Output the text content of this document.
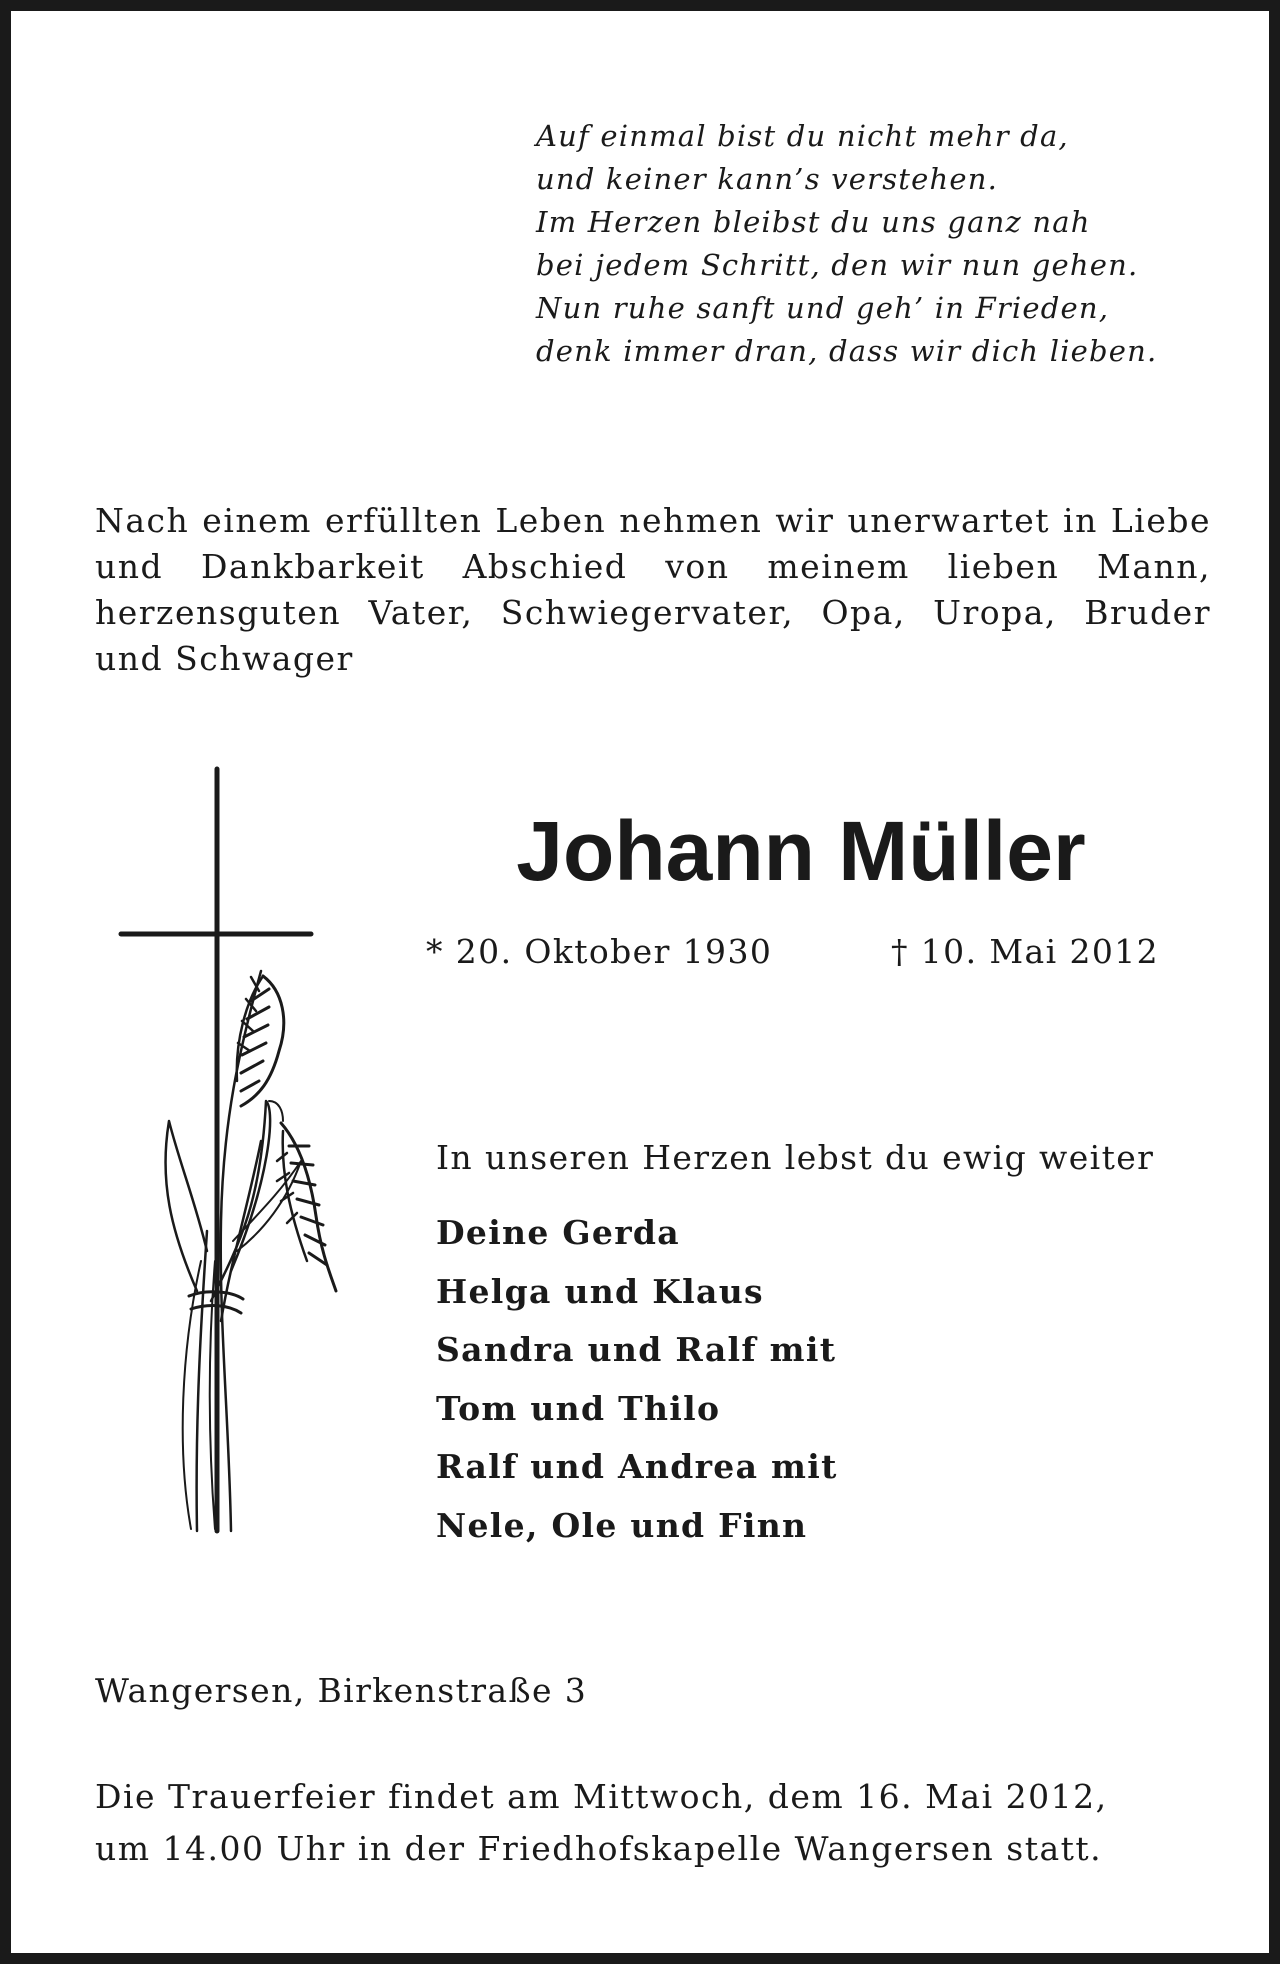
Auf einmal bist du nicht mehr da,
und keiner kann’s verstehen.
Im Herzen bleibst du uns ganz nah
bei jedem Schritt, den wir nun gehen.
Nun ruhe sanft und geh’ in Frieden,
denk immer dran, dass wir dich lieben.
Nach einem erfüllten Leben nehmen wir unerwartet in Liebe und Dankbarkeit Abschied von meinem lieben Mann, herzensguten Vater, Schwiegervater, Opa, Uropa, Bruder und Schwager
Johann Müller
* 20. Oktober 1930	† 10. Mai 2012
In unseren Herzen lebst du ewig weiter
Deine Gerda
Helga und Klaus
Sandra und Ralf mit
Tom und Thilo
Ralf und Andrea mit
Nele, Ole und Finn
Wangersen, Birkenstraße 3
Die Trauerfeier findet am Mittwoch, dem 16. Mai 2012,
um 14.00 Uhr in der Friedhofskapelle Wangersen statt.
